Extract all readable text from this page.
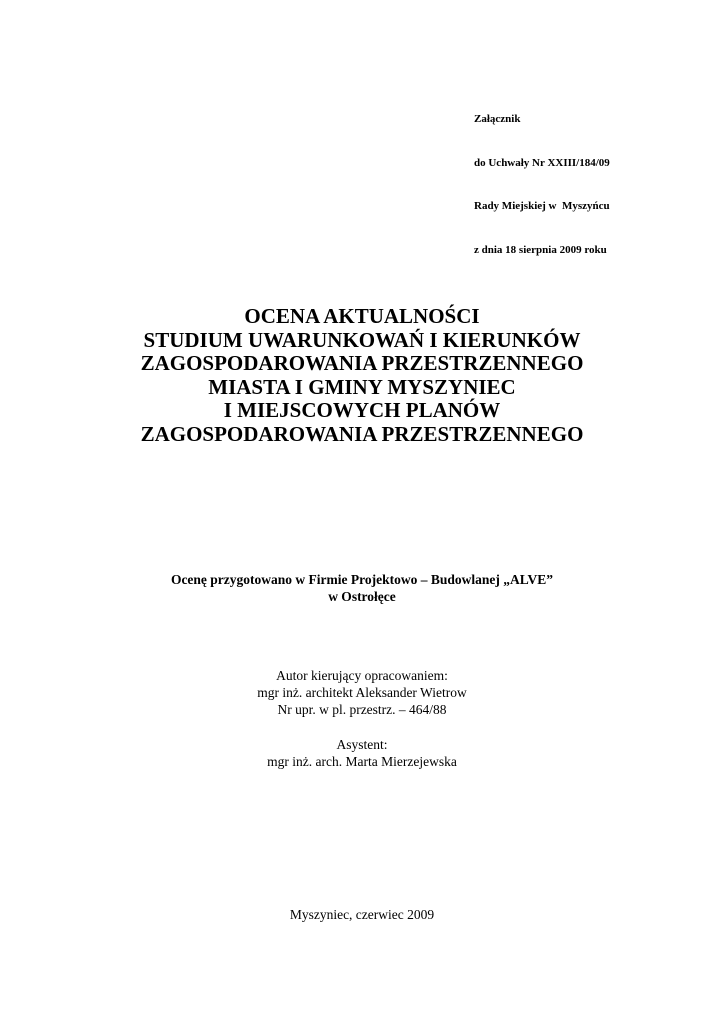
Załącznik

do Uchwały Nr XXIII/184/09

Rady Miejskiej w  Myszyńcu

z dnia 18 sierpnia 2009 roku

OCENA AKTUALNOŚCI
STUDIUM UWARUNKOWAŃ I KIERUNKÓW
ZAGOSPODAROWANIA PRZESTRZENNEGO
MIASTA I GMINY MYSZYNIEC
I MIEJSCOWYCH PLANÓW
ZAGOSPODAROWANIA PRZESTRZENNEGO
Ocenę przygotowano w Firmie Projektowo – Budowlanej „ALVE”
w Ostrołęce
Autor kierujący opracowaniem:
mgr inż. architekt Aleksander Wietrow
Nr upr. w pl. przestrz. – 464/88
Asystent:
mgr inż. arch. Marta Mierzejewska
Myszyniec, czerwiec 2009
